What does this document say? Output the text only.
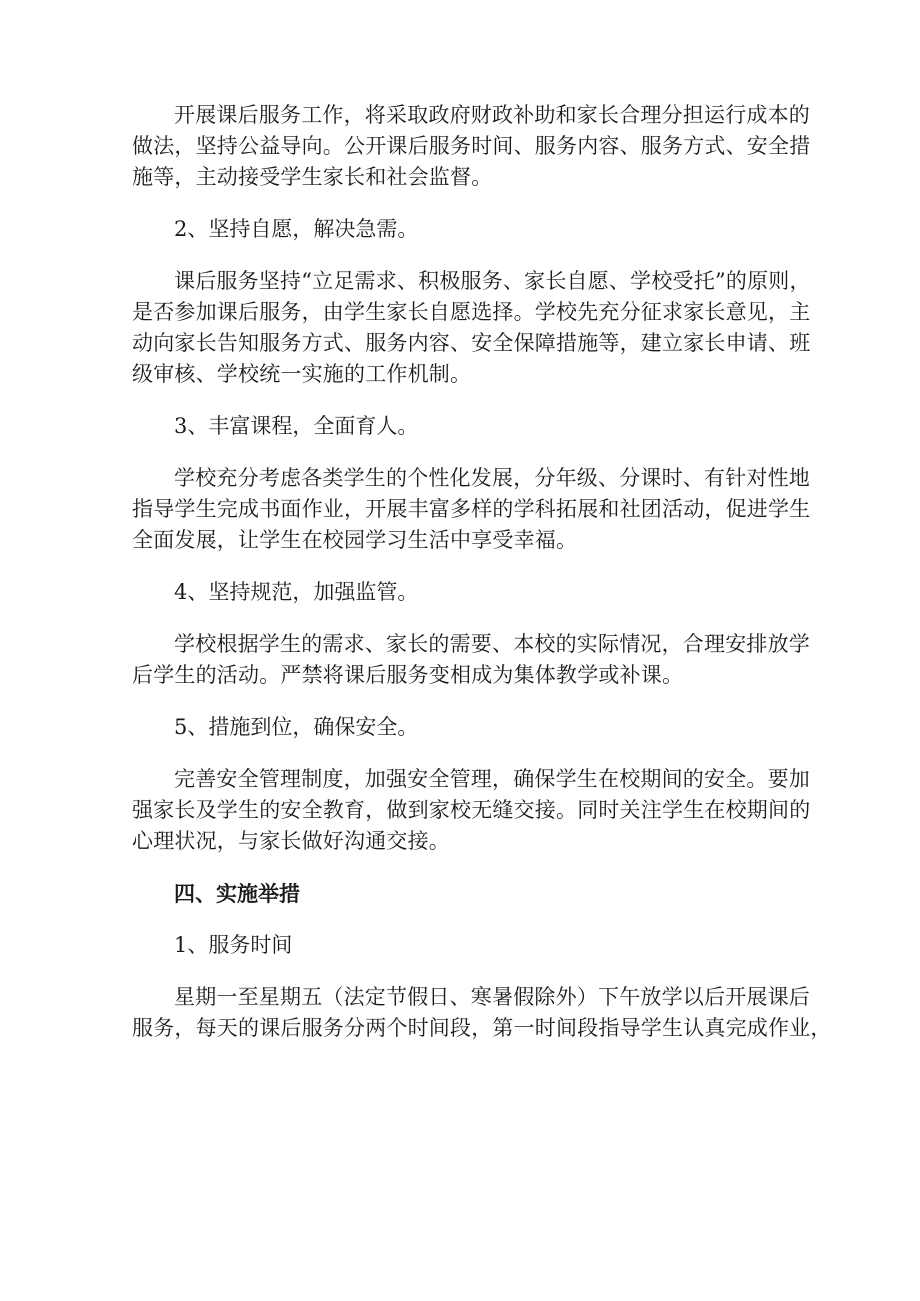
开展课后服务工作，将采取政府财政补助和家长合理分担运行成本的
做法，坚持公益导向。公开课后服务时间、服务内容、服务方式、安全措
施等，主动接受学生家长和社会监督。

2、坚持自愿，解决急需。

课后服务坚持“立足需求、积极服务、家长自愿、学校受托”的原则，
是否参加课后服务，由学生家长自愿选择。学校先充分征求家长意见，主
动向家长告知服务方式、服务内容、安全保障措施等，建立家长申请、班
级审核、学校统一实施的工作机制。

3、丰富课程，全面育人。

学校充分考虑各类学生的个性化发展，分年级、分课时、有针对性地
指导学生完成书面作业，开展丰富多样的学科拓展和社团活动，促进学生
全面发展，让学生在校园学习生活中享受幸福。

4、坚持规范，加强监管。

学校根据学生的需求、家长的需要、本校的实际情况，合理安排放学
后学生的活动。严禁将课后服务变相成为集体教学或补课。

5、措施到位，确保安全。

完善安全管理制度，加强安全管理，确保学生在校期间的安全。要加
强家长及学生的安全教育，做到家校无缝交接。同时关注学生在校期间的
心理状况，与家长做好沟通交接。

四、实施举措

1、服务时间

星期一至星期五（法定节假日、寒暑假除外）下午放学以后开展课后
服务，每天的课后服务分两个时间段，第一时间段指导学生认真完成作业，
